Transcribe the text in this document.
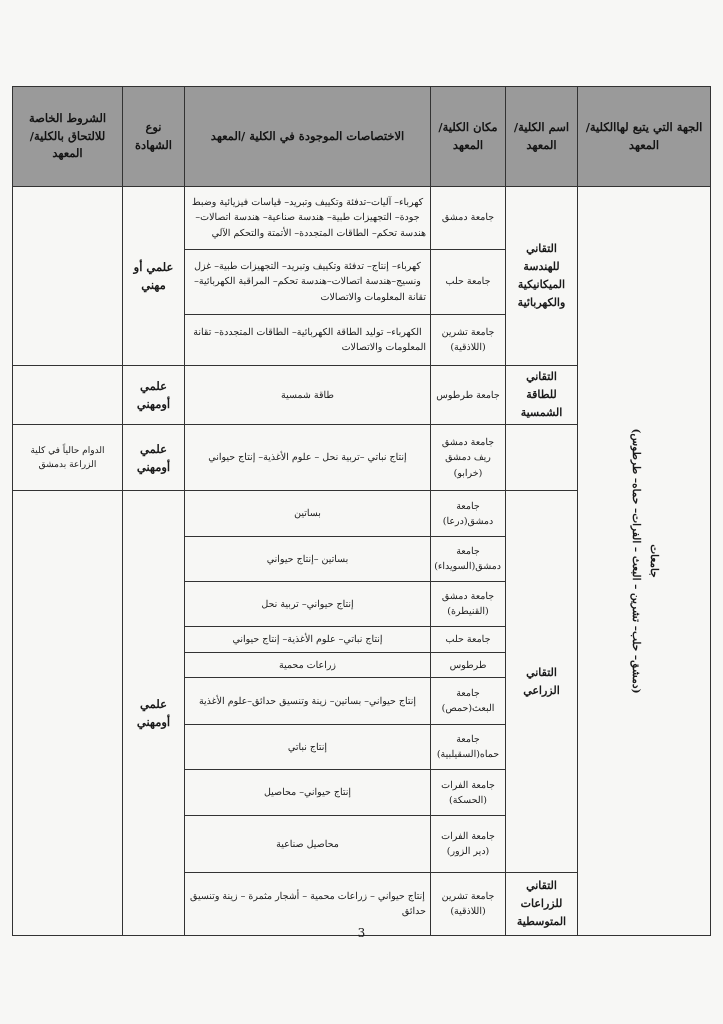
الجهة التي يتبع لهاالكلية/المعهد	اسم الكلية/المعهد	مكان الكلية/المعهد	الاختصاصات الموجودة في الكلية /المعهد	نوع الشهادة	الشروط الخاصة للالتحاق بالكلية/المعهد

جامعات
(دمشق– حلب– تشرين – البعث – الفرات– حماه– طرطوس)	التقاني للهندسة الميكانيكية والكهربائية	جامعة دمشق	كهرباء– آليات–تدفئة وتكييف وتبريد– قياسات فيزيائية وضبط جودة– التجهيزات طبية– هندسة صناعية– هندسة اتصالات– هندسة تحكم– الطاقات المتجددة– الأتمتة والتحكم الآلي	علمي أو مهني	
		جامعة حلب	كهرباء– إنتاج– تدفئة وتكييف وتبريد– التجهيزات طبية– غزل ونسيج–هندسة اتصالات–هندسة تحكم– المراقبة الكهربائية– تقانة المعلومات والاتصالات		
		جامعة تشرين (اللاذقية)	الكهرباء– توليد الطاقة الكهربائية– الطاقات المتجددة– تقانة المعلومات والاتصالات		
	التقاني للطاقة الشمسية	جامعة طرطوس	طاقة شمسية	علمي أومهني	
		جامعة دمشق ريف دمشق (خرابو)	إنتاج نباتي –تربية نحل – علوم الأغذية– إنتاج حيواني	علمي أومهني	الدوام حالياً في كلية الزراعة بدمشق
	التقاني الزراعي	جامعة دمشق(درعا)	بساتين	علمي أومهني	
		جامعة دمشق(السويداء)	بساتين –إنتاج حيواني		
		جامعة دمشق (القنيطرة)	إنتاج حيواني– تربية نحل		
		جامعة حلب	إنتاج نباتي– علوم الأغذية– إنتاج حيواني		
		طرطوس	زراعات محمية		
		جامعة البعث(حمص)	إنتاج حيواني– بساتين– زينة وتنسيق حدائق–علوم الأغذية		
		جامعة حماه(السقيلبية)	إنتاج نباتي		
		جامعة الفرات (الحسكة)	إنتاج حيواني– محاصيل		
		جامعة الفرات (دير الزور)	محاصيل صناعية		
	التقاني للزراعات المتوسطية	جامعة تشرين (اللاذقية)	إنتاج حيواني – زراعات محمية – أشجار مثمرة – زينة وتنسيق حدائق		
3
